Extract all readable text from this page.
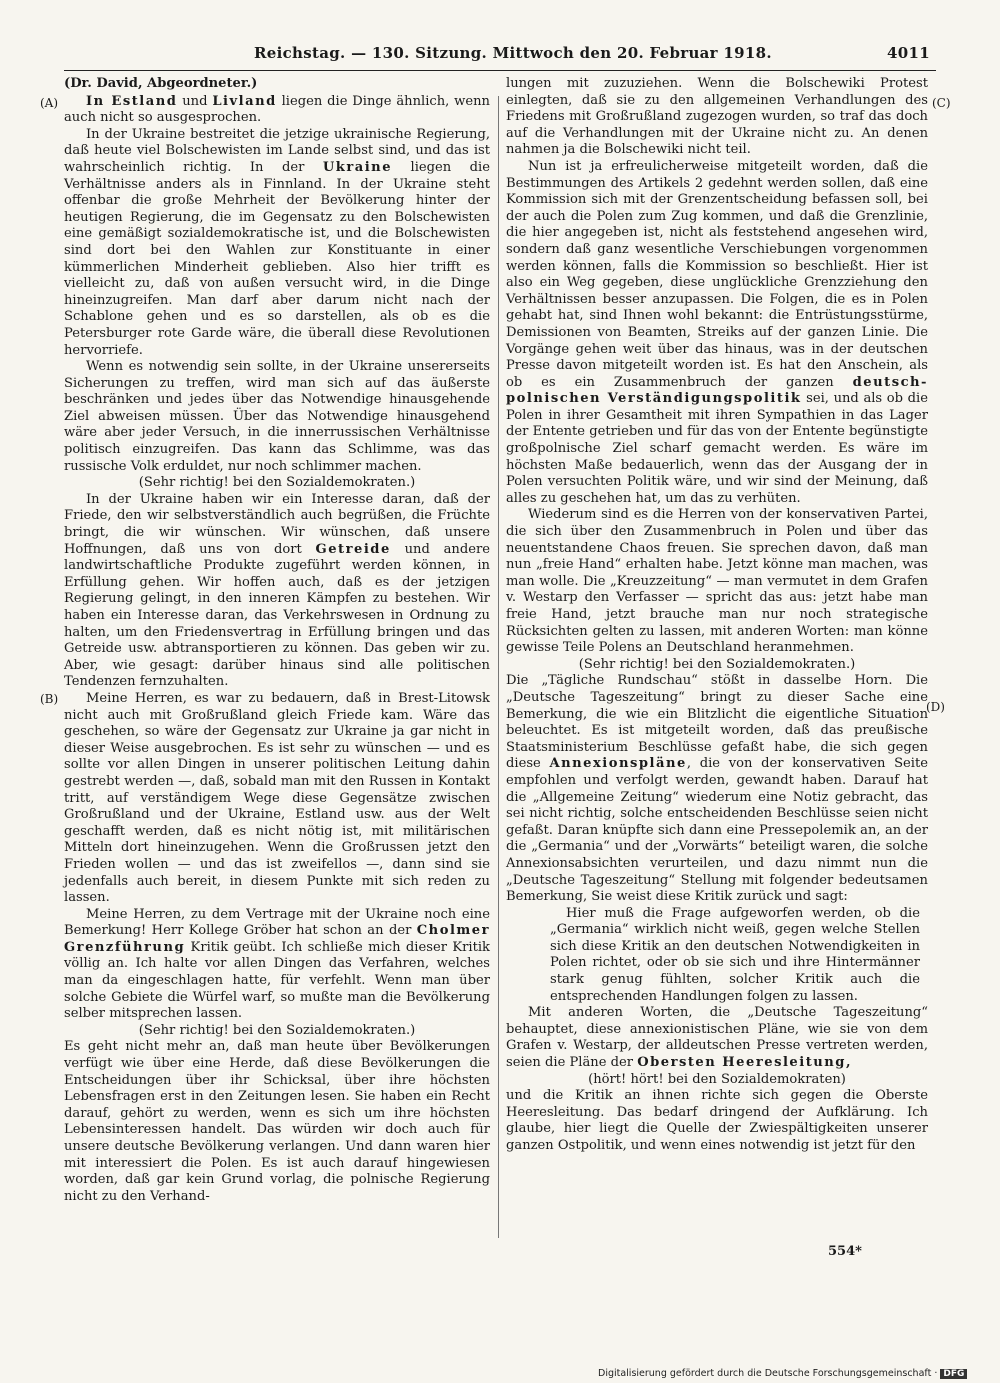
Reichstag. — 130. Sitzung. Mittwoch den 20. Februar 1918.	4011
(A)
(B)
(C)
(D)

(Dr. David, Abgeordneter.)

In Estland und Livland liegen die Dinge ähnlich, wenn auch nicht so ausgesprochen.

In der Ukraine bestreitet die jetzige ukrainische Regierung, daß heute viel Bolschewisten im Lande selbst sind, und das ist wahrscheinlich richtig. In der Ukraine liegen die Verhältnisse anders als in Finnland. In der Ukraine steht offenbar die große Mehrheit der Bevölkerung hinter der heutigen Regierung, die im Gegensatz zu den Bolschewisten eine gemäßigt sozialdemokratische ist, und die Bolschewisten sind dort bei den Wahlen zur Konstituante in einer kümmerlichen Minderheit geblieben. Also hier trifft es vielleicht zu, daß von außen versucht wird, in die Dinge hineinzugreifen. Man darf aber darum nicht nach der Schablone gehen und es so darstellen, als ob es die Petersburger rote Garde wäre, die überall diese Revolutionen hervorriefe.

Wenn es notwendig sein sollte, in der Ukraine unsererseits Sicherungen zu treffen, wird man sich auf das äußerste beschränken und jedes über das Notwendige hinausgehende Ziel abweisen müssen. Über das Notwendige hinausgehend wäre aber jeder Versuch, in die innerrussischen Verhältnisse politisch einzugreifen. Das kann das Schlimme, was das russische Volk erduldet, nur noch schlimmer machen.

(Sehr richtig! bei den Sozialdemokraten.)

In der Ukraine haben wir ein Interesse daran, daß der Friede, den wir selbstverständlich auch begrüßen, die Früchte bringt, die wir wünschen. Wir wünschen, daß unsere Hoffnungen, daß uns von dort Getreide und andere landwirtschaftliche Produkte zugeführt werden können, in Erfüllung gehen. Wir hoffen auch, daß es der jetzigen Regierung gelingt, in den inneren Kämpfen zu bestehen. Wir haben ein Interesse daran, das Verkehrswesen in Ordnung zu halten, um den Friedensvertrag in Erfüllung bringen und das Getreide usw. abtransportieren zu können. Das geben wir zu. Aber, wie gesagt: darüber hinaus sind alle politischen Tendenzen fernzuhalten.

Meine Herren, es war zu bedauern, daß in Brest-Litowsk nicht auch mit Großrußland gleich Friede kam. Wäre das geschehen, so wäre der Gegensatz zur Ukraine ja gar nicht in dieser Weise ausgebrochen. Es ist sehr zu wünschen — und es sollte vor allen Dingen in unserer politischen Leitung dahin gestrebt werden —, daß, sobald man mit den Russen in Kontakt tritt, auf verständigem Wege diese Gegensätze zwischen Großrußland und der Ukraine, Estland usw. aus der Welt geschafft werden, daß es nicht nötig ist, mit militärischen Mitteln dort hineinzugehen. Wenn die Großrussen jetzt den Frieden wollen — und das ist zweifellos —, dann sind sie jedenfalls auch bereit, in diesem Punkte mit sich reden zu lassen.

Meine Herren, zu dem Vertrage mit der Ukraine noch eine Bemerkung! Herr Kollege Gröber hat schon an der Cholmer Grenzführung Kritik geübt. Ich schließe mich dieser Kritik völlig an. Ich halte vor allen Dingen das Verfahren, welches man da eingeschlagen hatte, für verfehlt. Wenn man über solche Gebiete die Würfel warf, so mußte man die Bevölkerung selber mitsprechen lassen.

(Sehr richtig! bei den Sozialdemokraten.)

Es geht nicht mehr an, daß man heute über Bevölkerungen verfügt wie über eine Herde, daß diese Bevölkerungen die Entscheidungen über ihr Schicksal, über ihre höchsten Lebensfragen erst in den Zeitungen lesen. Sie haben ein Recht darauf, gehört zu werden, wenn es sich um ihre höchsten Lebensinteressen handelt. Das würden wir doch auch für unsere deutsche Bevölkerung verlangen. Und dann waren hier mit interessiert die Polen. Es ist auch darauf hingewiesen worden, daß gar kein Grund vorlag, die polnische Regierung nicht zu den Verhand-

lungen mit zuzuziehen. Wenn die Bolschewiki Protest einlegten, daß sie zu den allgemeinen Verhandlungen des Friedens mit Großrußland zugezogen wurden, so traf das doch auf die Verhandlungen mit der Ukraine nicht zu. An denen nahmen ja die Bolschewiki nicht teil.

Nun ist ja erfreulicherweise mitgeteilt worden, daß die Bestimmungen des Artikels 2 gedehnt werden sollen, daß eine Kommission sich mit der Grenzentscheidung befassen soll, bei der auch die Polen zum Zug kommen, und daß die Grenzlinie, die hier angegeben ist, nicht als feststehend angesehen wird, sondern daß ganz wesentliche Verschiebungen vorgenommen werden können, falls die Kommission so beschließt. Hier ist also ein Weg gegeben, diese unglückliche Grenzziehung den Verhältnissen besser anzupassen. Die Folgen, die es in Polen gehabt hat, sind Ihnen wohl bekannt: die Entrüstungsstürme, Demissionen von Beamten, Streiks auf der ganzen Linie. Die Vorgänge gehen weit über das hinaus, was in der deutschen Presse davon mitgeteilt worden ist. Es hat den Anschein, als ob es ein Zusammenbruch der ganzen deutsch-polnischen Verständigungspolitik sei, und als ob die Polen in ihrer Gesamtheit mit ihren Sympathien in das Lager der Entente getrieben und für das von der Entente begünstigte großpolnische Ziel scharf gemacht werden. Es wäre im höchsten Maße bedauerlich, wenn das der Ausgang der in Polen versuchten Politik wäre, und wir sind der Meinung, daß alles zu geschehen hat, um das zu verhüten.

Wiederum sind es die Herren von der konservativen Partei, die sich über den Zusammenbruch in Polen und über das neuentstandene Chaos freuen. Sie sprechen davon, daß man nun „freie Hand“ erhalten habe. Jetzt könne man machen, was man wolle. Die „Kreuzzeitung“ — man vermutet in dem Grafen v. Westarp den Verfasser — spricht das aus: jetzt habe man freie Hand, jetzt brauche man nur noch strategische Rücksichten gelten zu lassen, mit anderen Worten: man könne gewisse Teile Polens an Deutschland heranmehmen.

(Sehr richtig! bei den Sozialdemokraten.)

Die „Tägliche Rundschau“ stößt in dasselbe Horn. Die „Deutsche Tageszeitung“ bringt zu dieser Sache eine Bemerkung, die wie ein Blitzlicht die eigentliche Situation beleuchtet. Es ist mitgeteilt worden, daß das preußische Staatsministerium Beschlüsse gefaßt habe, die sich gegen diese Annexionspläne, die von der konservativen Seite empfohlen und verfolgt werden, gewandt haben. Darauf hat die „Allgemeine Zeitung“ wiederum eine Notiz gebracht, das sei nicht richtig, solche entscheidenden Beschlüsse seien nicht gefaßt. Daran knüpfte sich dann eine Pressepolemik an, an der die „Germania“ und der „Vorwärts“ beteiligt waren, die solche Annexionsabsichten verurteilen, und dazu nimmt nun die „Deutsche Tageszeitung“ Stellung mit folgender bedeutsamen Bemerkung, Sie weist diese Kritik zurück und sagt:

Hier muß die Frage aufgeworfen werden, ob die „Germania“ wirklich nicht weiß, gegen welche Stellen sich diese Kritik an den deutschen Notwendigkeiten in Polen richtet, oder ob sie sich und ihre Hintermänner stark genug fühlten, solcher Kritik auch die entsprechenden Handlungen folgen zu lassen.

Mit anderen Worten, die „Deutsche Tageszeitung“ behauptet, diese annexionistischen Pläne, wie sie von dem Grafen v. Westarp, der alldeutschen Presse vertreten werden, seien die Pläne der Obersten Heeresleitung,

(hört! hört! bei den Sozialdemokraten)

und die Kritik an ihnen richte sich gegen die Oberste Heeresleitung. Das bedarf dringend der Aufklärung. Ich glaube, hier liegt die Quelle der Zwiespältigkeiten unserer ganzen Ostpolitik, und wenn eines notwendig ist jetzt für den

554*
Digitalisierung gefördert durch die Deutsche Forschungsgemeinschaft · DFG
